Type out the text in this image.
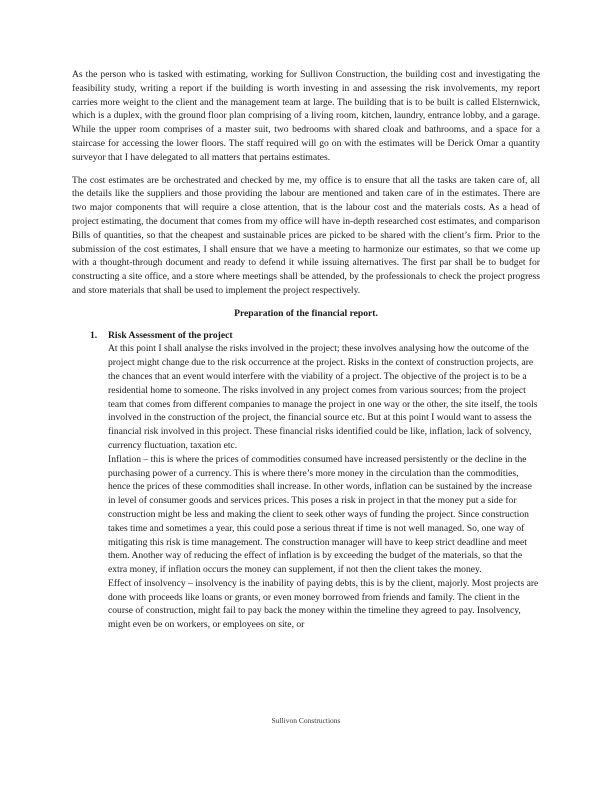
As the person who is tasked with estimating, working for Sullivon Construction, the building cost and investigating the feasibility study, writing a report if the building is worth investing in and assessing the risk involvements, my report carries more weight to the client and the management team at large. The building that is to be built is called Elsternwick, which is a duplex, with the ground floor plan comprising of a living room, kitchen, laundry, entrance lobby, and a garage. While the upper room comprises of a master suit, two bedrooms with shared cloak and bathrooms, and a space for a staircase for accessing the lower floors. The staff required will go on with the estimates will be Derick Omar a quantity surveyor that I have delegated to all matters that pertains estimates.

The cost estimates are be orchestrated and checked by me, my office is to ensure that all the tasks are taken care of, all the details like the suppliers and those providing the labour are mentioned and taken care of in the estimates. There are two major components that will require a close attention, that is the labour cost and the materials costs. As a head of project estimating, the document that comes from my office will have in-depth researched cost estimates, and comparison Bills of quantities, so that the cheapest and sustainable prices are picked to be shared with the client’s firm. Prior to the submission of the cost estimates, I shall ensure that we have a meeting to harmonize our estimates, so that we come up with a thought-through document and ready to defend it while issuing alternatives. The first par shall be to budget for constructing a site office, and a store where meetings shall be attended, by the professionals to check the project progress and store materials that shall be used to implement the project respectively.

Preparation of the financial report.

1. Risk Assessment of the project

At this point I shall analyse the risks involved in the project; these involves analysing how the outcome of the project might change due to the risk occurrence at the project. Risks in the context of construction projects, are the chances that an event would interfere with the viability of a project. The objective of the project is to be a residential home to someone. The risks involved in any project comes from various sources; from the project team that comes from different companies to manage the project in one way or the other, the site itself, the tools involved in the construction of the project, the financial source etc. But at this point I would want to assess the financial risk involved in this project. These financial risks identified could be like, inflation, lack of solvency, currency fluctuation, taxation etc.

Inflation – this is where the prices of commodities consumed have increased persistently or the decline in the purchasing power of a currency. This is where there’s more money in the circulation than the commodities, hence the prices of these commodities shall increase. In other words, inflation can be sustained by the increase in level of consumer goods and services prices. This poses a risk in project in that the money put a side for construction might be less and making the client to seek other ways of funding the project. Since construction takes time and sometimes a year, this could pose a serious threat if time is not well managed. So, one way of mitigating this risk is time management. The construction manager will have to keep strict deadline and meet them. Another way of reducing the effect of inflation is by exceeding the budget of the materials, so that the extra money, if inflation occurs the money can supplement, if not then the client takes the money.

Effect of insolvency – insolvency is the inability of paying debts, this is by the client, majorly. Most projects are done with proceeds like loans or grants, or even money borrowed from friends and family. The client in the course of construction, might fail to pay back the money within the timeline they agreed to pay. Insolvency, might even be on workers, or employees on site, or

Sullivon Constructions
